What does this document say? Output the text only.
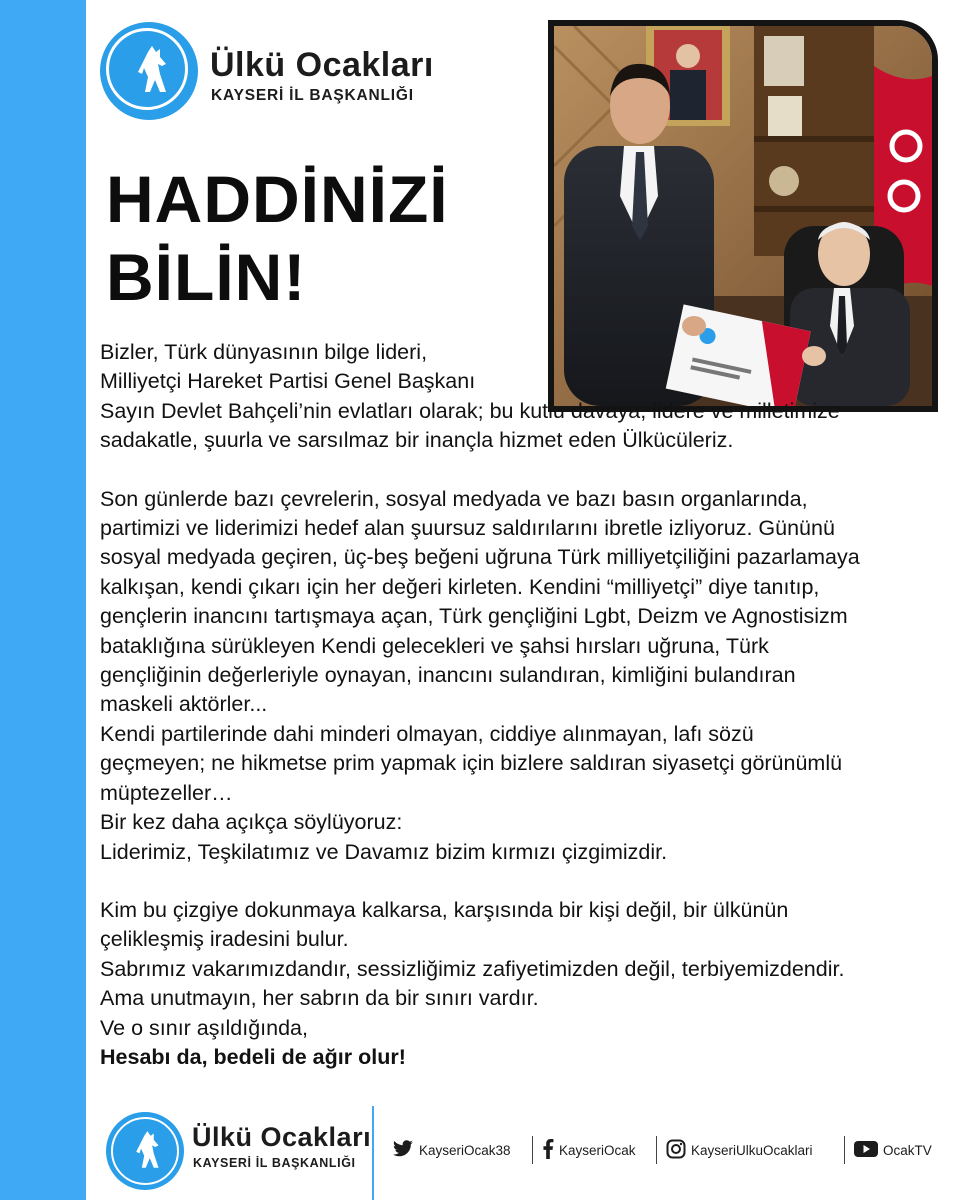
Ülkü Ocakları
KAYSERİ İL BAŞKANLIĞI
HADDİNİZİ
BİLİN!

Bizler, Türk dünyasının bilge lideri,
Milliyetçi Hareket Partisi Genel Başkanı
Sayın Devlet Bahçeli’nin evlatları olarak; bu kutlu davaya, lidere ve milletimize
sadakatle, şuurla ve sarsılmaz bir inançla hizmet eden Ülkücüleriz.

Son günlerde bazı çevrelerin, sosyal medyada ve bazı basın organlarında,
partimizi ve liderimizi hedef alan şuursuz saldırılarını ibretle izliyoruz. Gününü
sosyal medyada geçiren, üç-beş beğeni uğruna Türk milliyetçiliğini pazarlamaya
kalkışan, kendi çıkarı için her değeri kirleten. Kendini “milliyetçi” diye tanıtıp,
gençlerin inancını tartışmaya açan, Türk gençliğini Lgbt, Deizm ve Agnostisizm
bataklığına sürükleyen Kendi gelecekleri ve şahsi hırsları uğruna, Türk
gençliğinin değerleriyle oynayan, inancını sulandıran, kimliğini bulandıran
maskeli aktörler...
Kendi partilerinde dahi minderi olmayan, ciddiye alınmayan, lafı sözü
geçmeyen; ne hikmetse prim yapmak için bizlere saldıran siyasetçi görünümlü
müptezeller…
Bir kez daha açıkça söylüyoruz:
Liderimiz, Teşkilatımız ve Davamız bizim kırmızı çizgimizdir.

Kim bu çizgiye dokunmaya kalkarsa, karşısında bir kişi değil, bir ülkünün
çelikleşmiş iradesini bulur.
Sabrımız vakarımızdandır, sessizliğimiz zafiyetimizden değil, terbiyemizdendir.
Ama unutmayın, her sabrın da bir sınırı vardır.
Ve o sınır aşıldığında,

Hesabı da, bedeli de ağır olur!

Ülkü Ocakları
KAYSERİ İL BAŞKANLIĞI
KayseriOcak38	KayseriOcak	KayseriUlkuOcaklari	OcakTV
